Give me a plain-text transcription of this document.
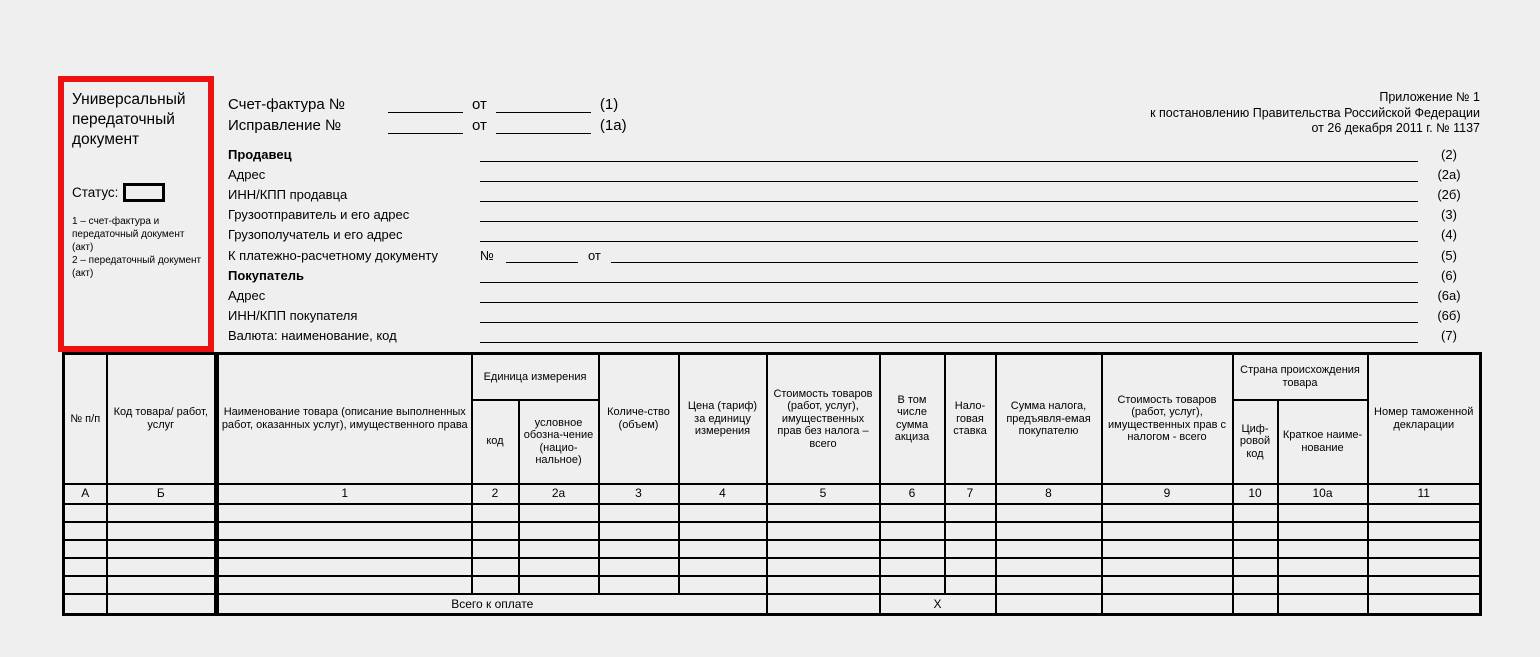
Универсальный передаточный документ
Статус:
1 – счет-фактура и передаточный документ (акт)
2 – передаточный документ (акт)
Счет-фактура №	от	(1)
Исправление №	от	(1а)
Приложение № 1
к постановлению Правительства Российской Федерации
от 26 декабря 2011 г. № 1137
Продавец	(2)
Адрес	(2а)
ИНН/КПП продавца	(2б)
Грузоотправитель и его адрес	(3)
Грузополучатель и его адрес	(4)
К платежно-расчетному документу	№	от	(5)
Покупатель	(6)
Адрес	(6а)
ИНН/КПП покупателя	(6б)
Валюта: наименование, код	(7)
№ п/п	Код товара/ работ, услуг	Наименование товара (описание выполненных работ, оказанных услуг), имущественного права	Единица измерения		Количе-ство (объем)	Цена (тариф) за единицу измерения	Стоимость товаров (работ, услуг), имущественных прав без налога – всего	В том числе сумма акциза	Нало-говая ставка	Сумма налога, предъявля-емая покупателю	Стоимость товаров (работ, услуг), имущественных прав с налогом - всего	Страна происхождения товара		Номер таможенной декларации
			код	условное обозна-чение (нацио-нальное)								Циф-ровой код	Краткое наиме-нование	
А	Б	1	2	2а	3	4	5	6	7	8	9	10	10а	11

		Всего к оплате						Х						
